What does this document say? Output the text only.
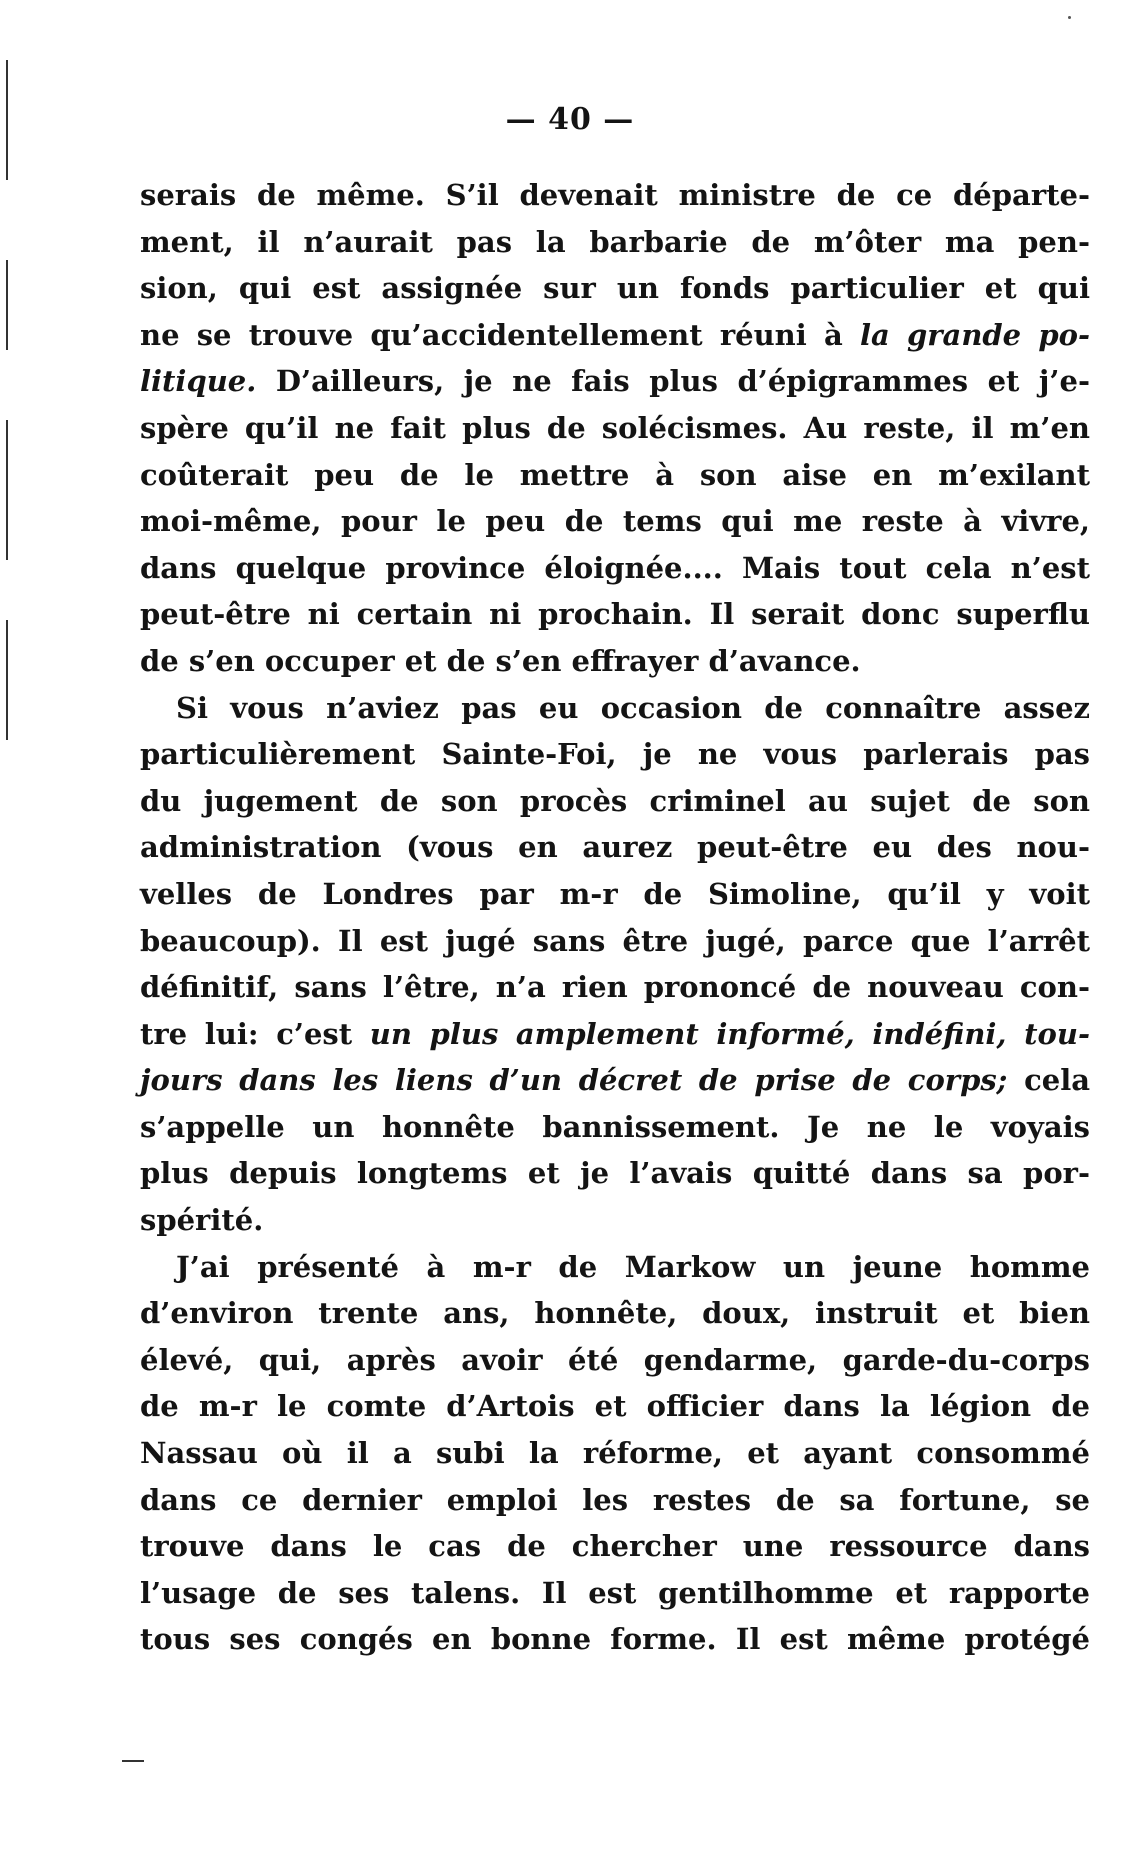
— 40 —
serais de même. S’il devenait ministre de ce départe-
ment, il n’aurait pas la barbarie de m’ôter ma pen-
sion, qui est assignée sur un fonds particulier et qui
ne se trouve qu’accidentellement réuni à la grande po-
litique. D’ailleurs, je ne fais plus d’épigrammes et j’e-
spère qu’il ne fait plus de solécismes. Au reste, il m’en
coûterait peu de le mettre à son aise en m’exilant
moi-même, pour le peu de tems qui me reste à vivre,
dans quelque province éloignée.... Mais tout cela n’est
peut-être ni certain ni prochain. Il serait donc superflu
de s’en occuper et de s’en effrayer d’avance.
Si vous n’aviez pas eu occasion de connaître assez
particulièrement Sainte-Foi, je ne vous parlerais pas
du jugement de son procès criminel au sujet de son
administration (vous en aurez peut-être eu des nou-
velles de Londres par m-r de Simoline, qu’il y voit
beaucoup). Il est jugé sans être jugé, parce que l’arrêt
définitif, sans l’être, n’a rien prononcé de nouveau con-
tre lui: c’est un plus amplement informé, indéfini, tou-
jours dans les liens d’un décret de prise de corps; cela
s’appelle un honnête bannissement. Je ne le voyais
plus depuis longtems et je l’avais quitté dans sa por-
spérité.
J’ai présenté à m-r de Markow un jeune homme
d’environ trente ans, honnête, doux, instruit et bien
élevé, qui, après avoir été gendarme, garde-du-corps
de m-r le comte d’Artois et officier dans la légion de
Nassau où il a subi la réforme, et ayant consommé
dans ce dernier emploi les restes de sa fortune, se
trouve dans le cas de chercher une ressource dans
l’usage de ses talens. Il est gentilhomme et rapporte
tous ses congés en bonne forme. Il est même protégé
